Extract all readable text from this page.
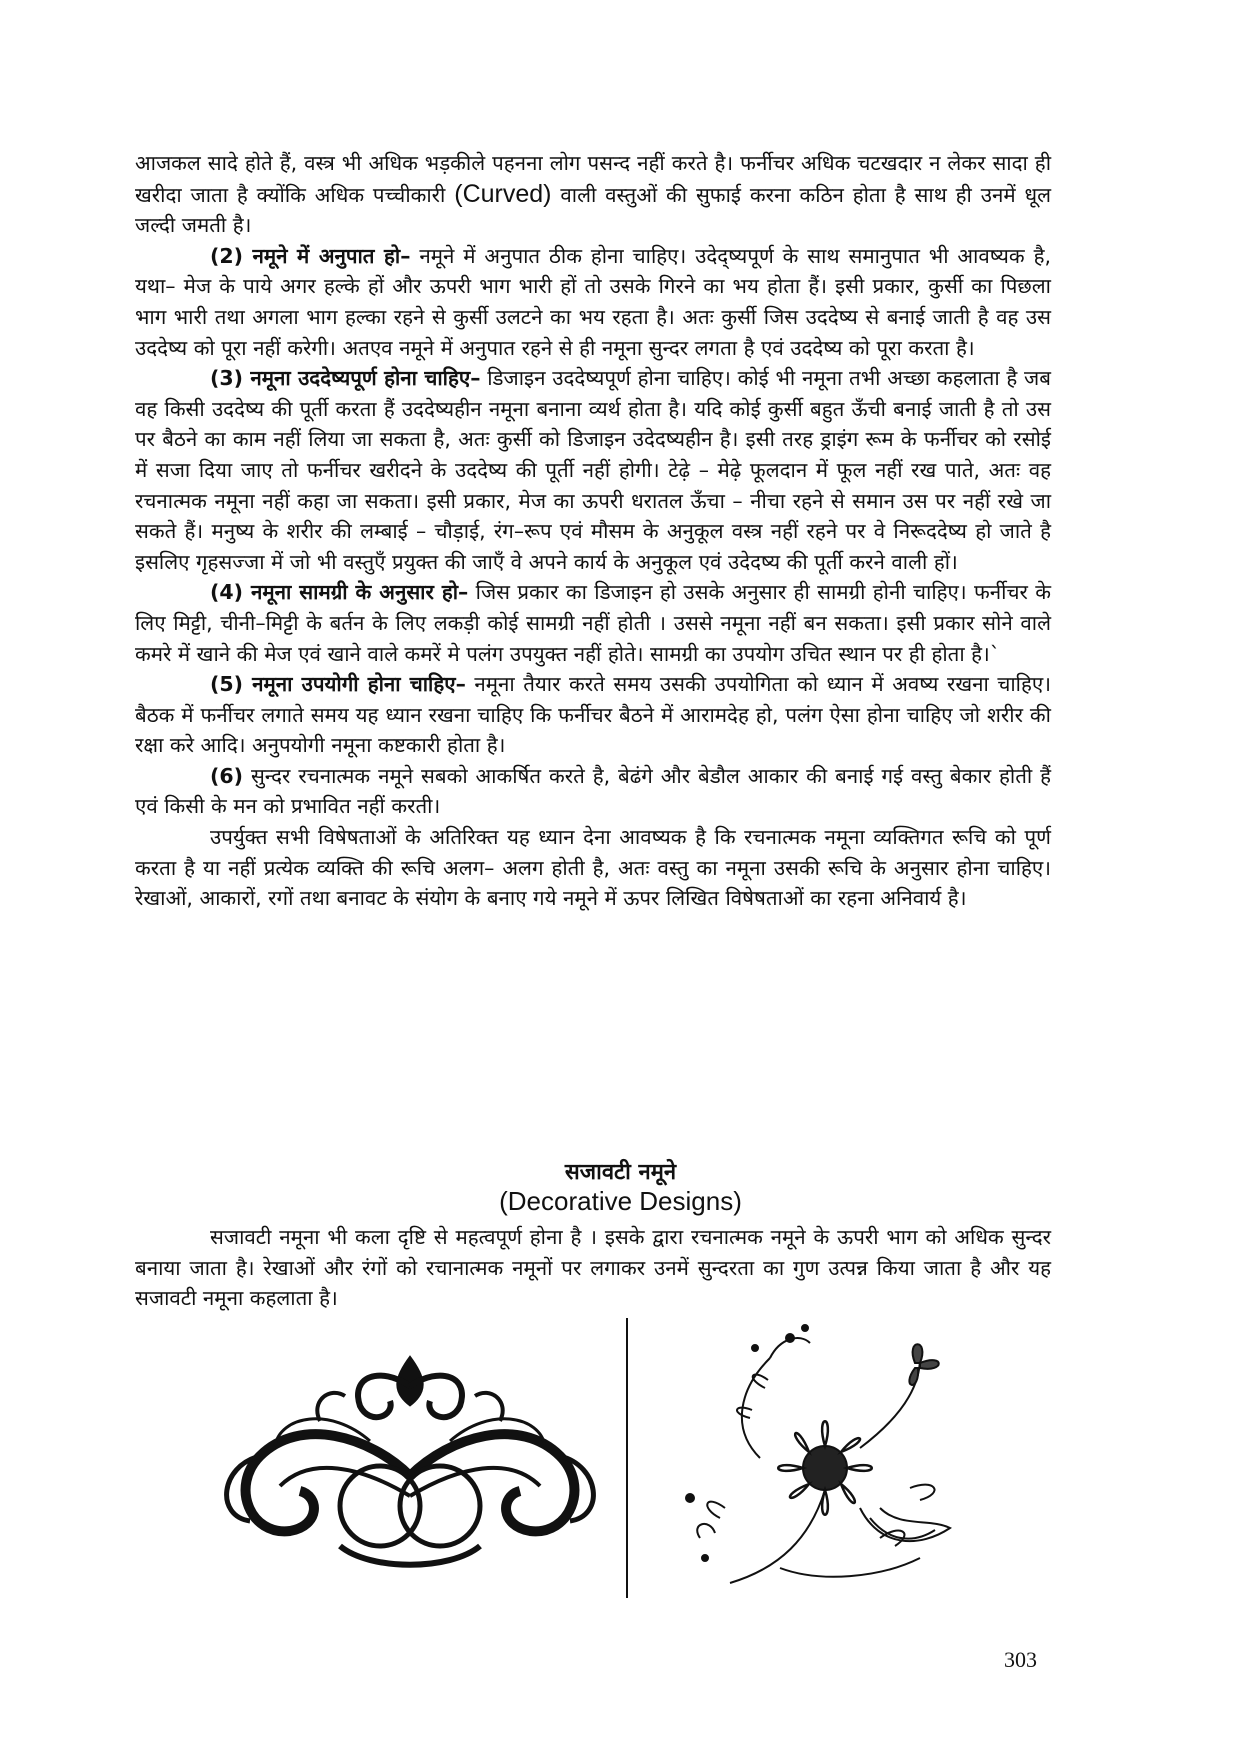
आजकल सादे होते हैं, वस्त्र भी अधिक भड़कीले पहनना लोग पसन्द नहीं करते है। फर्नीचर अधिक चटखदार न लेकर सादा ही खरीदा जाता है क्योंकि अधिक पच्चीकारी (Curved) वाली वस्तुओं की सुफाई करना कठिन होता है साथ ही उनमें धूल जल्दी जमती है।

(2) नमूने में अनुपात हो– नमूने में अनुपात ठीक होना चाहिए। उदेद्ष्यपूर्ण के साथ समानुपात भी आवष्यक है, यथा– मेज के पाये अगर हल्के हों और ऊपरी भाग भारी हों तो उसके गिरने का भय होता हैं। इसी प्रकार, कुर्सी का पिछला भाग भारी तथा अगला भाग हल्का रहने से कुर्सी उलटने का भय रहता है। अतः कुर्सी जिस उददेष्य से बनाई जाती है वह उस उददेष्य को पूरा नहीं करेगी। अतएव नमूने में अनुपात रहने से ही नमूना सुन्दर लगता है एवं उददेष्य को पूरा करता है।

(3) नमूना उददेष्यपूर्ण होना चाहिए– डिजाइन उददेष्यपूर्ण होना चाहिए। कोई भी नमूना तभी अच्छा कहलाता है जब वह किसी उददेष्य की पूर्ती करता हैं उददेष्यहीन नमूना बनाना व्यर्थ होता है। यदि कोई कुर्सी बहुत ऊँची बनाई जाती है तो उस पर बैठने का काम नहीं लिया जा सकता है, अतः कुर्सी को डिजाइन उदेदष्यहीन है। इसी तरह ड्राइंग रूम के फर्नीचर को रसोई में सजा दिया जाए तो फर्नीचर खरीदने के उददेष्य की पूर्ती नहीं होगी। टेढ़े – मेढ़े फूलदान में फूल नहीं रख पाते, अतः वह रचनात्मक नमूना नहीं कहा जा सकता। इसी प्रकार, मेज का ऊपरी धरातल ऊँचा – नीचा रहने से समान उस पर नहीं रखे जा सकते हैं। मनुष्य के शरीर की लम्बाई – चौड़ाई, रंग–रूप एवं मौसम के अनुकूल वस्त्र नहीं रहने पर वे निरूददेष्य हो जाते है इसलिए गृहसज्जा में जो भी वस्तुएँ प्रयुक्त की जाएँ वे अपने कार्य के अनुकूल एवं उदेदष्य की पूर्ती करने वाली हों।

(4) नमूना सामग्री के अनुसार हो– जिस प्रकार का डिजाइन हो उसके अनुसार ही सामग्री होनी चाहिए। फर्नीचर के लिए मिट्टी, चीनी–मिट्टी के बर्तन के लिए लकड़ी कोई सामग्री नहीं होती । उससे नमूना नहीं बन सकता। इसी प्रकार सोने वाले कमरे में खाने की मेज एवं खाने वाले कमरें मे पलंग उपयुक्त नहीं होते। सामग्री का उपयोग उचित स्थान पर ही होता है।`

(5) नमूना उपयोगी होना चाहिए– नमूना तैयार करते समय उसकी उपयोगिता को ध्यान में अवष्य रखना चाहिए। बैठक में फर्नीचर लगाते समय यह ध्यान रखना चाहिए कि फर्नीचर बैठने में आरामदेह हो, पलंग ऐसा होना चाहिए जो शरीर की रक्षा करे आदि। अनुपयोगी नमूना कष्टकारी होता है।

(6) सुन्दर रचनात्मक नमूने सबको आकर्षित करते है, बेढंगे और बेडौल आकार की बनाई गई वस्तु बेकार होती हैं एवं किसी के मन को प्रभावित नहीं करती।

उपर्युक्त सभी विषेषताओं के अतिरिक्त यह ध्यान देना आवष्यक है कि रचनात्मक नमूना व्यक्तिगत रूचि को पूर्ण करता है या नहीं प्रत्येक व्यक्ति की रूचि अलग– अलग होती है, अतः वस्तु का नमूना उसकी रूचि के अनुसार होना चाहिए। रेखाओं, आकारों, रगों तथा बनावट के संयोग के बनाए गये नमूने में ऊपर लिखित विषेषताओं का रहना अनिवार्य है।

सजावटी नमूने
(Decorative Designs)

सजावटी नमूना भी कला दृष्टि से महत्वपूर्ण होना है । इसके द्वारा रचनात्मक नमूने के ऊपरी भाग को अधिक सुन्दर बनाया जाता है। रेखाओं और रंगों को रचानात्मक नमूनों पर लगाकर उनमें सुन्दरता का गुण उत्पन्न किया जाता है और यह सजावटी नमूना कहलाता है।

303
